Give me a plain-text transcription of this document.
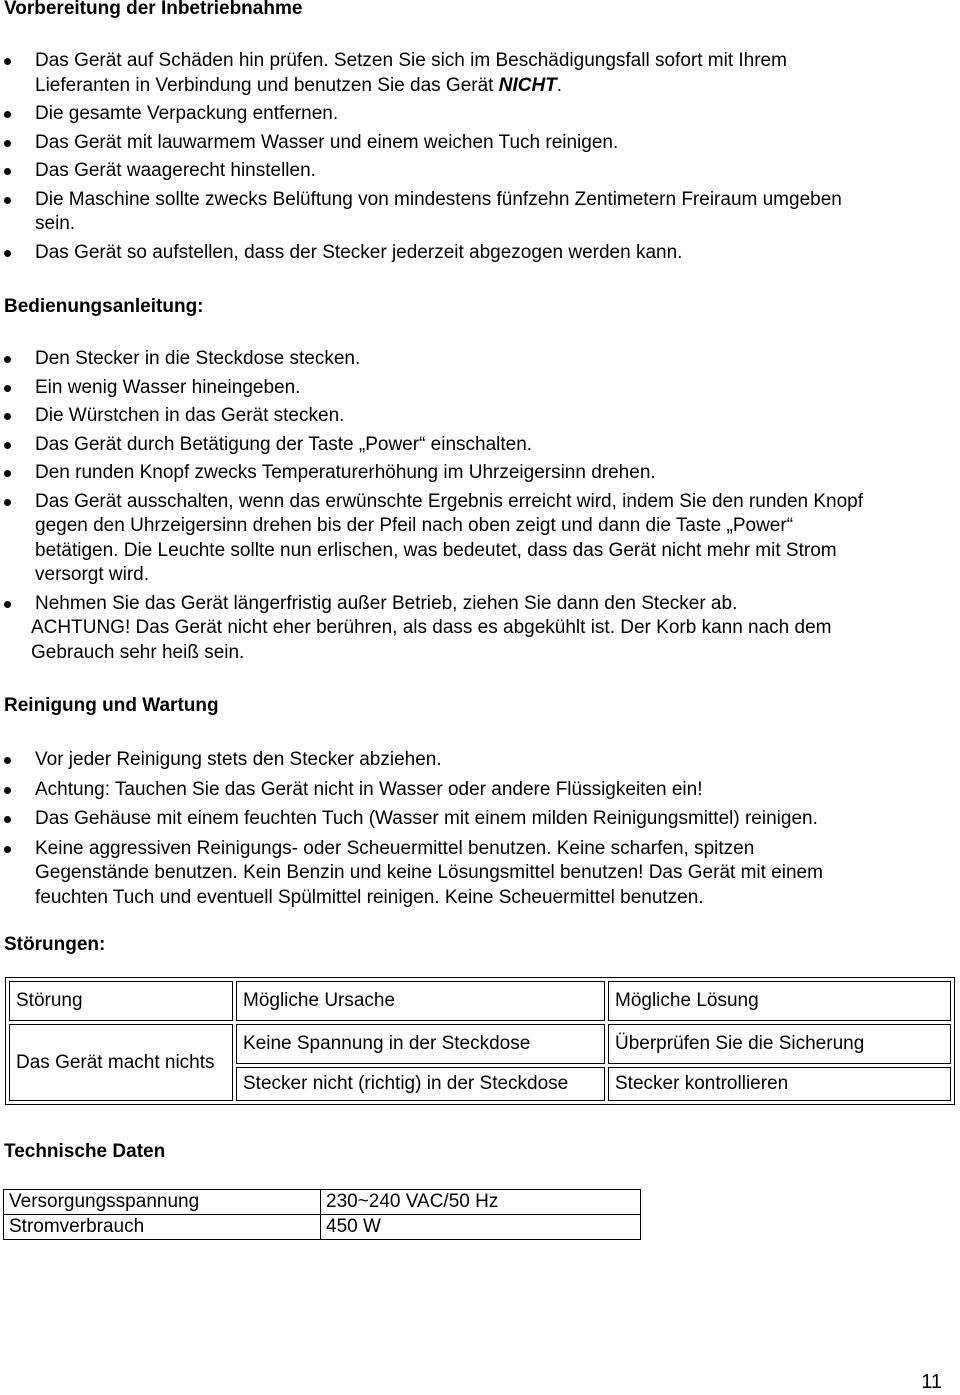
Vorbereitung der Inbetriebnahme
Das Gerät auf Schäden hin prüfen. Setzen Sie sich im Beschädigungsfall sofort mit Ihrem
Lieferanten in Verbindung und benutzen Sie das Gerät NICHT.
Die gesamte Verpackung entfernen.
Das Gerät mit lauwarmem Wasser und einem weichen Tuch reinigen.
Das Gerät waagerecht hinstellen.
Die Maschine sollte zwecks Belüftung von mindestens fünfzehn Zentimetern Freiraum umgeben
sein.
Das Gerät so aufstellen, dass der Stecker jederzeit abgezogen werden kann.
Bedienungsanleitung:
Den Stecker in die Steckdose stecken.
Ein wenig Wasser hineingeben.
Die Würstchen in das Gerät stecken.
Das Gerät durch Betätigung der Taste „Power“ einschalten.
Den runden Knopf zwecks Temperaturerhöhung im Uhrzeigersinn drehen.
Das Gerät ausschalten, wenn das erwünschte Ergebnis erreicht wird, indem Sie den runden Knopf
gegen den Uhrzeigersinn drehen bis der Pfeil nach oben zeigt und dann die Taste „Power“
betätigen. Die Leuchte sollte nun erlischen, was bedeutet, dass das Gerät nicht mehr mit Strom
versorgt wird.
Nehmen Sie das Gerät längerfristig außer Betrieb, ziehen Sie dann den Stecker ab.

ACHTUNG! Das Gerät nicht eher berühren, als dass es abgekühlt ist. Der Korb kann nach dem
Gebrauch sehr heiß sein.
Reinigung und Wartung
Vor jeder Reinigung stets den Stecker abziehen.
Achtung: Tauchen Sie das Gerät nicht in Wasser oder andere Flüssigkeiten ein!
Das Gehäuse mit einem feuchten Tuch (Wasser mit einem milden Reinigungsmittel) reinigen.
Keine aggressiven Reinigungs- oder Scheuermittel benutzen. Keine scharfen, spitzen
Gegenstände benutzen. Kein Benzin und keine Lösungsmittel benutzen! Das Gerät mit einem
feuchten Tuch und eventuell Spülmittel reinigen. Keine Scheuermittel benutzen.
Störungen:
Störung	Mögliche Ursache	Mögliche Lösung
Das Gerät macht nichts	Keine Spannung in der Steckdose	Überprüfen Sie die Sicherung
	Stecker nicht (richtig) in der Steckdose	Stecker kontrollieren
Technische Daten
Versorgungsspannung	230~240 VAC/50 Hz
Stromverbrauch	450 W
11
